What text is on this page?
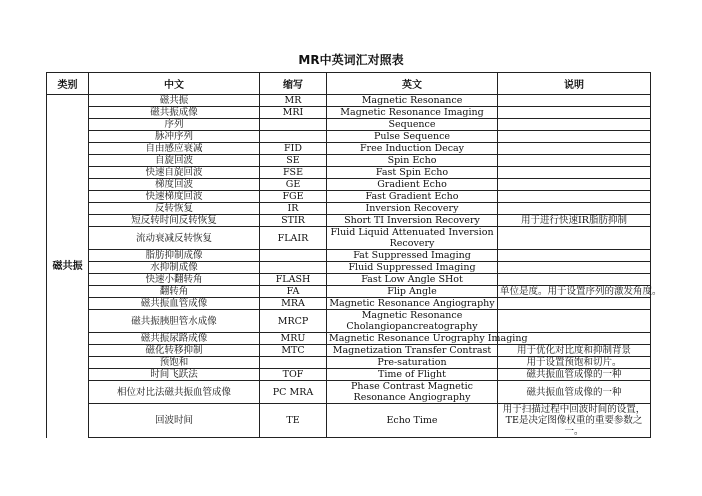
MR中英词汇对照表
类别	中文	缩写	英文	说明
磁共振	磁共振	MR	Magnetic Resonance	
	磁共振成像	MRI	Magnetic Resonance Imaging	
	序列		Sequence	
	脉冲序列		Pulse Sequence	
	自由感应衰减	FID	Free Induction Decay	
	自旋回波	SE	Spin Echo	
	快速自旋回波	FSE	Fast Spin Echo	
	梯度回波	GE	Gradient Echo	
	快速梯度回波	FGE	Fast Gradient Echo	
	反转恢复	IR	Inversion Recovery	
	短反转时间反转恢复	STIR	Short TI Inversion Recovery	用于进行快速IR脂肪抑制
	流动衰减反转恢复	FLAIR	Fluid Liquid Attenuated Inversion Recovery	
	脂肪抑制成像		Fat Suppressed Imaging	
	水抑制成像		Fluid Suppressed Imaging	
	快速小翻转角	FLASH	Fast Low Angle SHot	
	翻转角	FA	Flip Angle	单位是度。用于设置序列的激发角度。
	磁共振血管成像	MRA	Magnetic Resonance Angiography	
	磁共振胰胆管水成像	MRCP	Magnetic Resonance Cholangiopancreatography	
	磁共振尿路成像	MRU	Magnetic Resonance Urography Imaging	
	磁化转移抑制	MTC	Magnetization Transfer Contrast	用于优化对比度和抑制背景
	预饱和		Pre-saturation	用于设置预饱和切片。
	时间飞跃法	TOF	Time of Flight	磁共振血管成像的一种
	相位对比法磁共振血管成像	PC MRA	Phase Contrast Magnetic Resonance Angiography	磁共振血管成像的一种
	回波时间	TE	Echo Time	用于扫描过程中回波时间的设置，TE是决定图像权重的重要参数之一。
